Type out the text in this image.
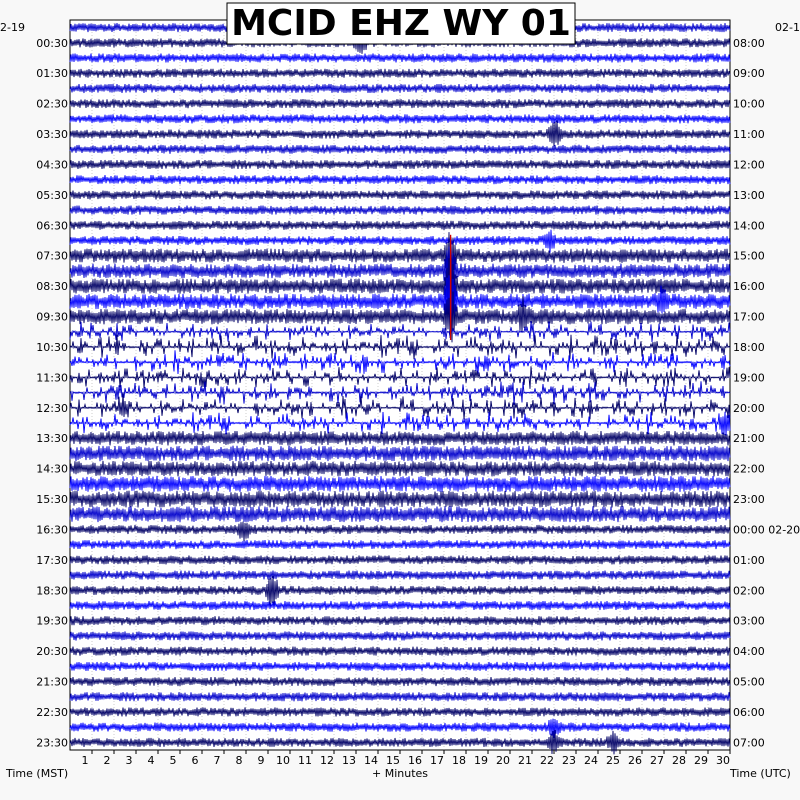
00:30
01:30
02:30
03:30
04:30
05:30
06:30
07:30
08:30
09:30
10:30
11:30
12:30
13:30
14:30
15:30
16:30
17:30
18:30
19:30
20:30
21:30
22:30
23:30
08:00
09:00
10:00
11:00
12:00
13:00
14:00
15:00
16:00
17:00
18:00
19:00
20:00
21:00
22:00
23:00
00:00 02-20
01:00
02:00
03:00
04:00
05:00
06:00
07:00
1 2 3 4 5 6 7 8 9 10 11 12 13 14 15 16 17 18 19 20 21 22 23 24 25 26 27 28 29 30
2-19	02-1
MCID EHZ WY 01
Time (MST)	+ Minutes	Time (UTC)
